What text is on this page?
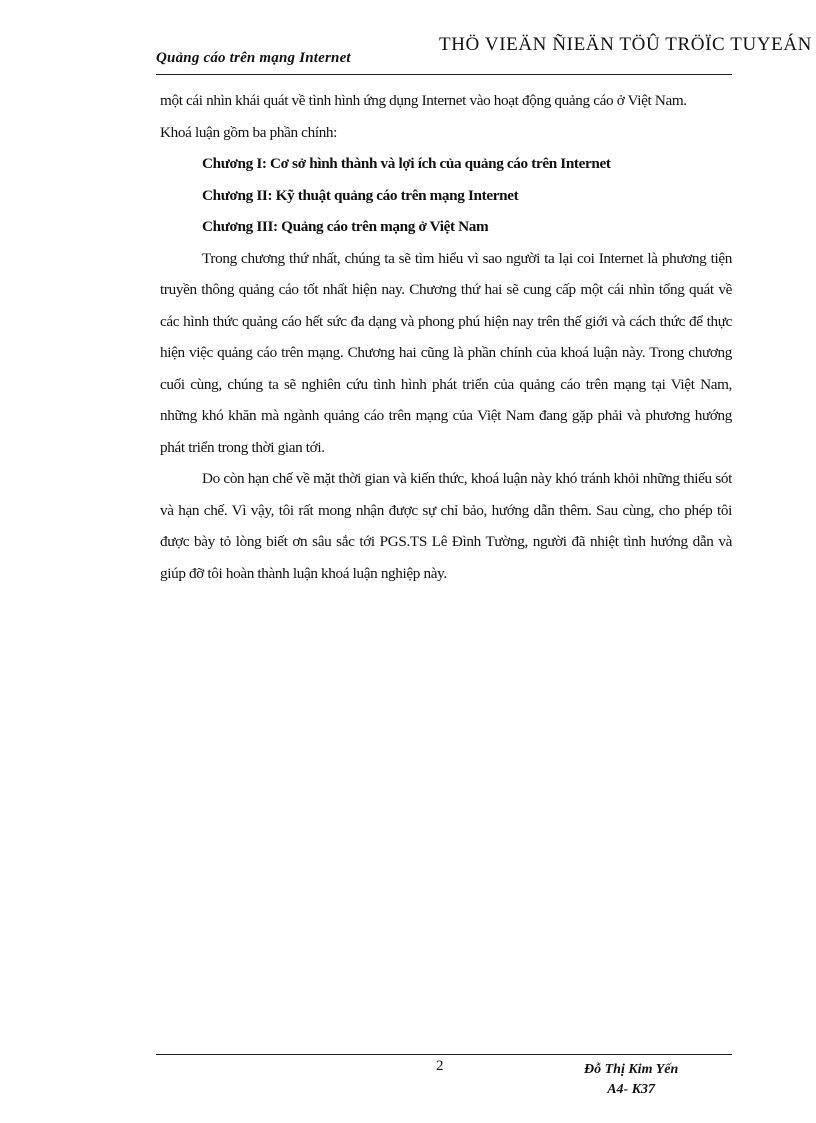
Quảng cáo trên mạng Internet
THÖ VIEÄN ÑIEÄN TÖÛ TRÖÏC TUYEÁN

một cái nhìn khái quát về tình hình ứng dụng Internet vào hoạt động quảng cáo ở Việt Nam.

Khoá luận gồm ba phần chính:

Chương I: Cơ sở hình thành và lợi ích của quảng cáo trên Internet

Chương II: Kỹ thuật quảng cáo trên mạng Internet

Chương III: Quảng cáo trên mạng ở Việt Nam

Trong chương thứ nhất, chúng ta sẽ tìm hiểu vì sao người ta lại coi Internet là phương tiện truyền thông quảng cáo tốt nhất hiện nay. Chương thứ hai sẽ cung cấp một cái nhìn tổng quát về các hình thức quảng cáo hết sức đa dạng và phong phú hiện nay trên thế giới và cách thức để thực hiện việc quảng cáo trên mạng. Chương hai cũng là phần chính của khoá luận này. Trong chương cuối cùng, chúng ta sẽ nghiên cứu tình hình phát triển của quảng cáo trên mạng tại Việt Nam, những khó khăn mà ngành quảng cáo trên mạng của Việt Nam đang gặp phải và phương hướng phát triển trong thời gian tới.

Do còn hạn chế về mặt thời gian và kiến thức, khoá luận này khó tránh khỏi những thiếu sót và hạn chế. Vì vậy, tôi rất mong nhận được sự chỉ bảo, hướng dẫn thêm. Sau cùng, cho phép tôi được bày tỏ lòng biết ơn sâu sắc tới PGS.TS Lê Đình Tường, người đã nhiệt tình hướng dẫn và giúp đỡ tôi hoàn thành luận khoá luận nghiệp này.

2	Đỗ Thị Kim Yến
A4- K37
